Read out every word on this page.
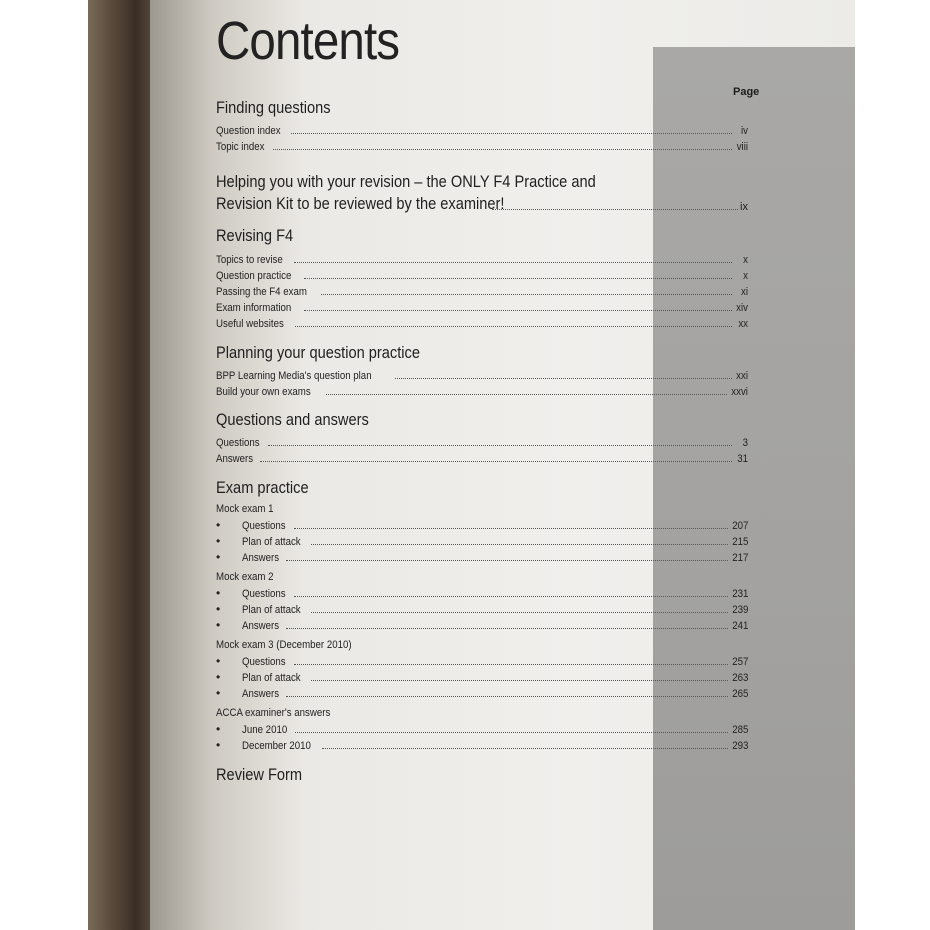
Contents
Page
Finding questions
Question index	iv
Topic index	viii
Helping you with your revision – the ONLY F4 Practice and
Revision Kit to be reviewed by the examiner!	ix
Revising F4
Topics to revise	x
Question practice	x
Passing the F4 exam	xi
Exam information	xiv
Useful websites	xx
Planning your question practice
BPP Learning Media's question plan	xxi
Build your own exams	xxvi
Questions and answers
Questions	3
Answers	31
Exam practice
Mock exam 1
•	Questions	207
•	Plan of attack	215
•	Answers	217
Mock exam 2
•	Questions	231
•	Plan of attack	239
•	Answers	241
Mock exam 3 (December 2010)
•	Questions	257
•	Plan of attack	263
•	Answers	265
ACCA examiner's answers
•	June 2010	285
•	December 2010	293
Review Form
